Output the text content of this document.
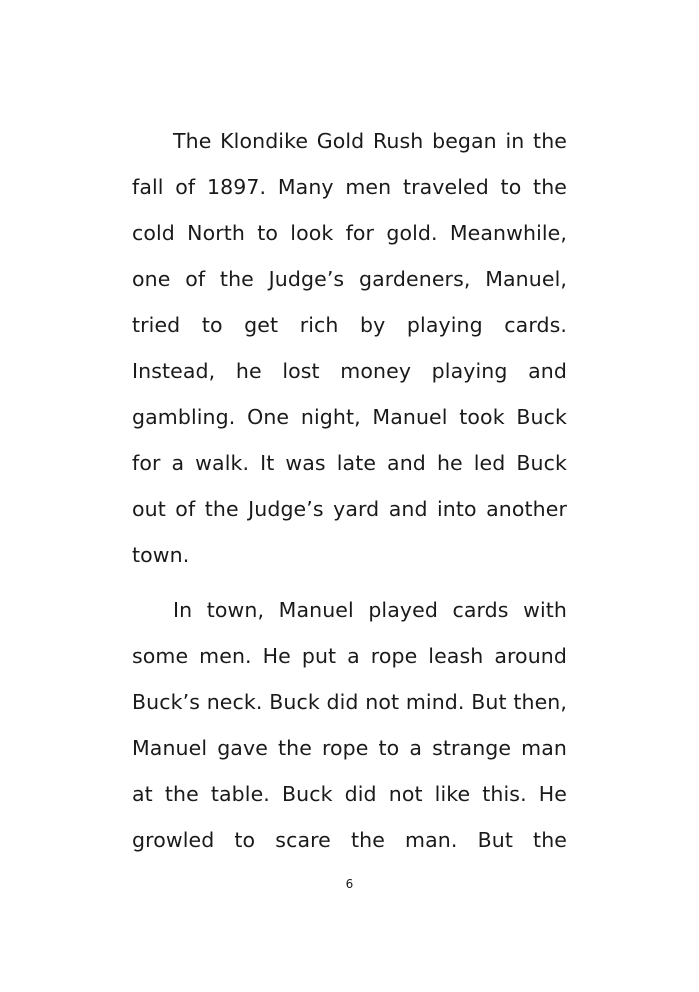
The Klondike Gold Rush began in the fall of 1897. Many men traveled to the cold North to look for gold. Meanwhile, one of the Judge’s gardeners, Manuel, tried to get rich by playing cards. Instead, he lost money playing and gambling. One night, Manuel took Buck for a walk. It was late and he led Buck out of the Judge’s yard and into another town.

In town, Manuel played cards with some men. He put a rope leash around Buck’s neck. Buck did not mind. But then, Manuel gave the rope to a strange man at the table. Buck did not like this. He growled to scare the man. But the

6
